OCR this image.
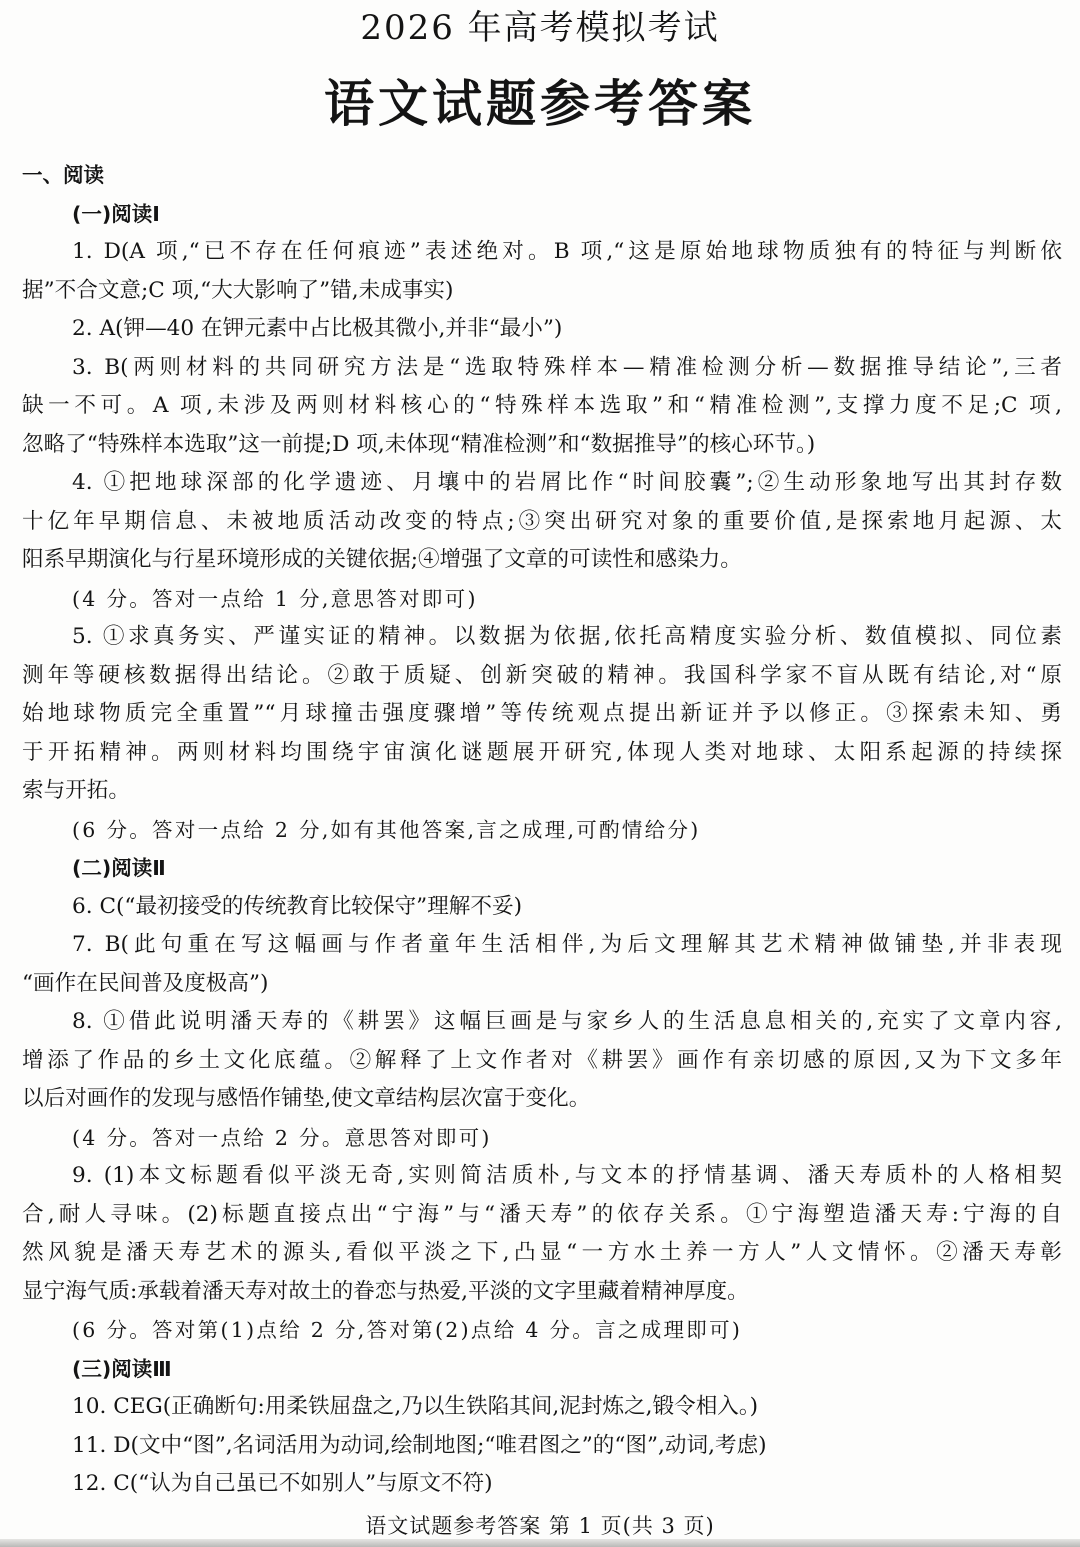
2026 年高考模拟考试
语文试题参考答案
一、阅读
(一)阅读Ⅰ
1. D(A 项,“已不存在任何痕迹”表述绝对。B 项,“这是原始地球物质独有的特征与判断依
据”不合文意;C 项,“大大影响了”错,未成事实)
2. A(钾—40 在钾元素中占比极其微小,并非“最小”)
3. B(两则材料的共同研究方法是“选取特殊样本—精准检测分析—数据推导结论”,三者
缺一不可。A 项,未涉及两则材料核心的“特殊样本选取”和“精准检测”,支撑力度不足;C 项,
忽略了“特殊样本选取”这一前提;D 项,未体现“精准检测”和“数据推导”的核心环节。)
4. ①把地球深部的化学遗迹、月壤中的岩屑比作“时间胶囊”;②生动形象地写出其封存数
十亿年早期信息、未被地质活动改变的特点;③突出研究对象的重要价值,是探索地月起源、太
阳系早期演化与行星环境形成的关键依据;④增强了文章的可读性和感染力。
(4 分。答对一点给 1 分,意思答对即可)
5. ①求真务实、严谨实证的精神。以数据为依据,依托高精度实验分析、数值模拟、同位素
测年等硬核数据得出结论。②敢于质疑、创新突破的精神。我国科学家不盲从既有结论,对“原
始地球物质完全重置”“月球撞击强度骤增”等传统观点提出新证并予以修正。③探索未知、勇
于开拓精神。两则材料均围绕宇宙演化谜题展开研究,体现人类对地球、太阳系起源的持续探
索与开拓。
(6 分。答对一点给 2 分,如有其他答案,言之成理,可酌情给分)
(二)阅读Ⅱ
6. C(“最初接受的传统教育比较保守”理解不妥)
7. B(此句重在写这幅画与作者童年生活相伴,为后文理解其艺术精神做铺垫,并非表现
“画作在民间普及度极高”)
8. ①借此说明潘天寿的《耕罢》这幅巨画是与家乡人的生活息息相关的,充实了文章内容,
增添了作品的乡土文化底蕴。②解释了上文作者对《耕罢》画作有亲切感的原因,又为下文多年
以后对画作的发现与感悟作铺垫,使文章结构层次富于变化。
(4 分。答对一点给 2 分。意思答对即可)
9. (1)本文标题看似平淡无奇,实则简洁质朴,与文本的抒情基调、潘天寿质朴的人格相契
合,耐人寻味。(2)标题直接点出“宁海”与“潘天寿”的依存关系。①宁海塑造潘天寿:宁海的自
然风貌是潘天寿艺术的源头,看似平淡之下,凸显“一方水土养一方人”人文情怀。②潘天寿彰
显宁海气质:承载着潘天寿对故土的眷恋与热爱,平淡的文字里藏着精神厚度。
(6 分。答对第(1)点给 2 分,答对第(2)点给 4 分。言之成理即可)
(三)阅读Ⅲ
10. CEG(正确断句:用柔铁屈盘之,乃以生铁陷其间,泥封炼之,锻令相入。)
11. D(文中“图”,名词活用为动词,绘制地图;“唯君图之”的“图”,动词,考虑)
12. C(“认为自己虽已不如别人”与原文不符)
语文试题参考答案 第 1 页(共 3 页)
